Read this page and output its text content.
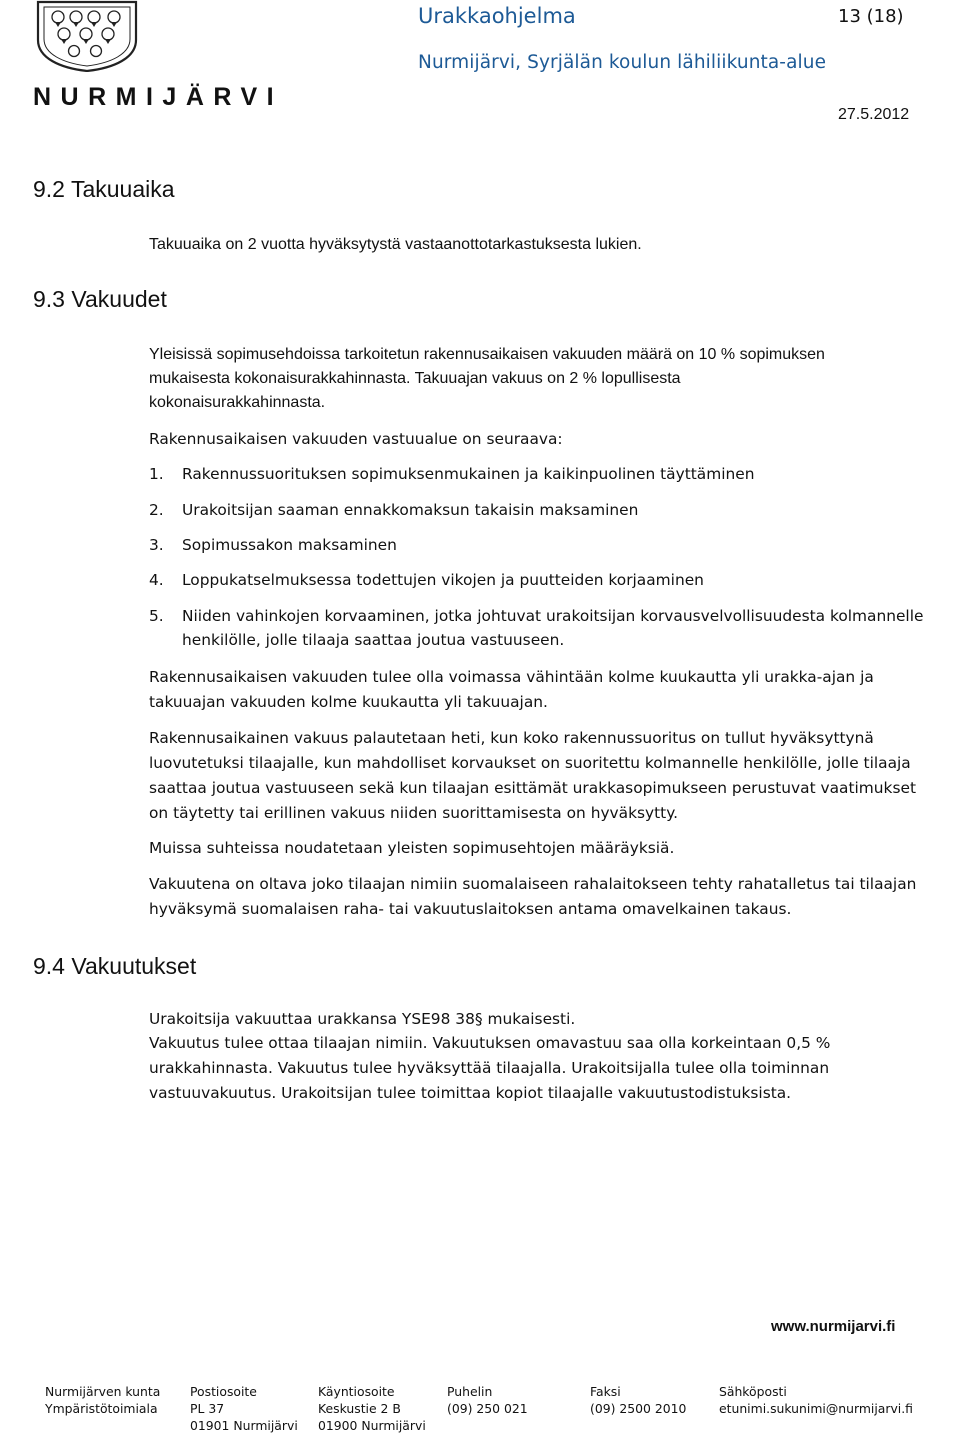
NURMIJÄRVI
Urakkaohjelma	13 (18)
Nurmijärvi, Syrjälän koulun lähiliikunta-alue
27.5.2012
9.2 Takuuaika
Takuuaika on 2 vuotta hyväksytystä vastaanottotarkastuksesta lukien.
9.3 Vakuudet
Yleisissä sopimusehdoissa tarkoitetun rakennusaikaisen vakuuden määrä on 10 % sopimuksen
mukaisesta kokonaisurakkahinnasta. Takuuajan vakuus on 2 % lopullisesta
kokonaisurakkahinnasta.
Rakennusaikaisen vakuuden vastuualue on seuraava:
1. Rakennussuorituksen sopimuksenmukainen ja kaikinpuolinen täyttäminen
2. Urakoitsijan saaman ennakkomaksun takaisin maksaminen
3. Sopimussakon maksaminen
4. Loppukatselmuksessa todettujen vikojen ja puutteiden korjaaminen
5. Niiden vahinkojen korvaaminen, jotka johtuvat urakoitsijan korvausvelvollisuudesta kolmannelle
henkilölle, jolle tilaaja saattaa joutua vastuuseen.
Rakennusaikaisen vakuuden tulee olla voimassa vähintään kolme kuukautta yli urakka-ajan ja
takuuajan vakuuden kolme kuukautta yli takuuajan.
Rakennusaikainen vakuus palautetaan heti, kun koko rakennussuoritus on tullut hyväksyttynä
luovutetuksi tilaajalle, kun mahdolliset korvaukset on suoritettu kolmannelle henkilölle, jolle tilaaja
saattaa joutua vastuuseen sekä kun tilaajan esittämät urakkasopimukseen perustuvat vaatimukset
on täytetty tai erillinen vakuus niiden suorittamisesta on hyväksytty.
Muissa suhteissa noudatetaan yleisten sopimusehtojen määräyksiä.
Vakuutena on oltava joko tilaajan nimiin suomalaiseen rahalaitokseen tehty rahatalletus tai tilaajan
hyväksymä suomalaisen raha- tai vakuutuslaitoksen antama omavelkainen takaus.
9.4 Vakuutukset
Urakoitsija vakuuttaa urakkansa YSE98 38§ mukaisesti.
Vakuutus tulee ottaa tilaajan nimiin. Vakuutuksen omavastuu saa olla korkeintaan 0,5 %
urakkahinnasta. Vakuutus tulee hyväksyttää tilaajalla. Urakoitsijalla tulee olla toiminnan
vastuuvakuutus. Urakoitsijan tulee toimittaa kopiot tilaajalle vakuutustodistuksista.
www.nurmijarvi.fi
Nurmijärven kunta
Ympäristötoimiala
Postiosoite
PL 37
01901 Nurmijärvi
Käyntiosoite
Keskustie 2 B
01900 Nurmijärvi
Puhelin
(09) 250 021
Faksi
(09) 2500 2010
Sähköposti
etunimi.sukunimi@nurmijarvi.fi
